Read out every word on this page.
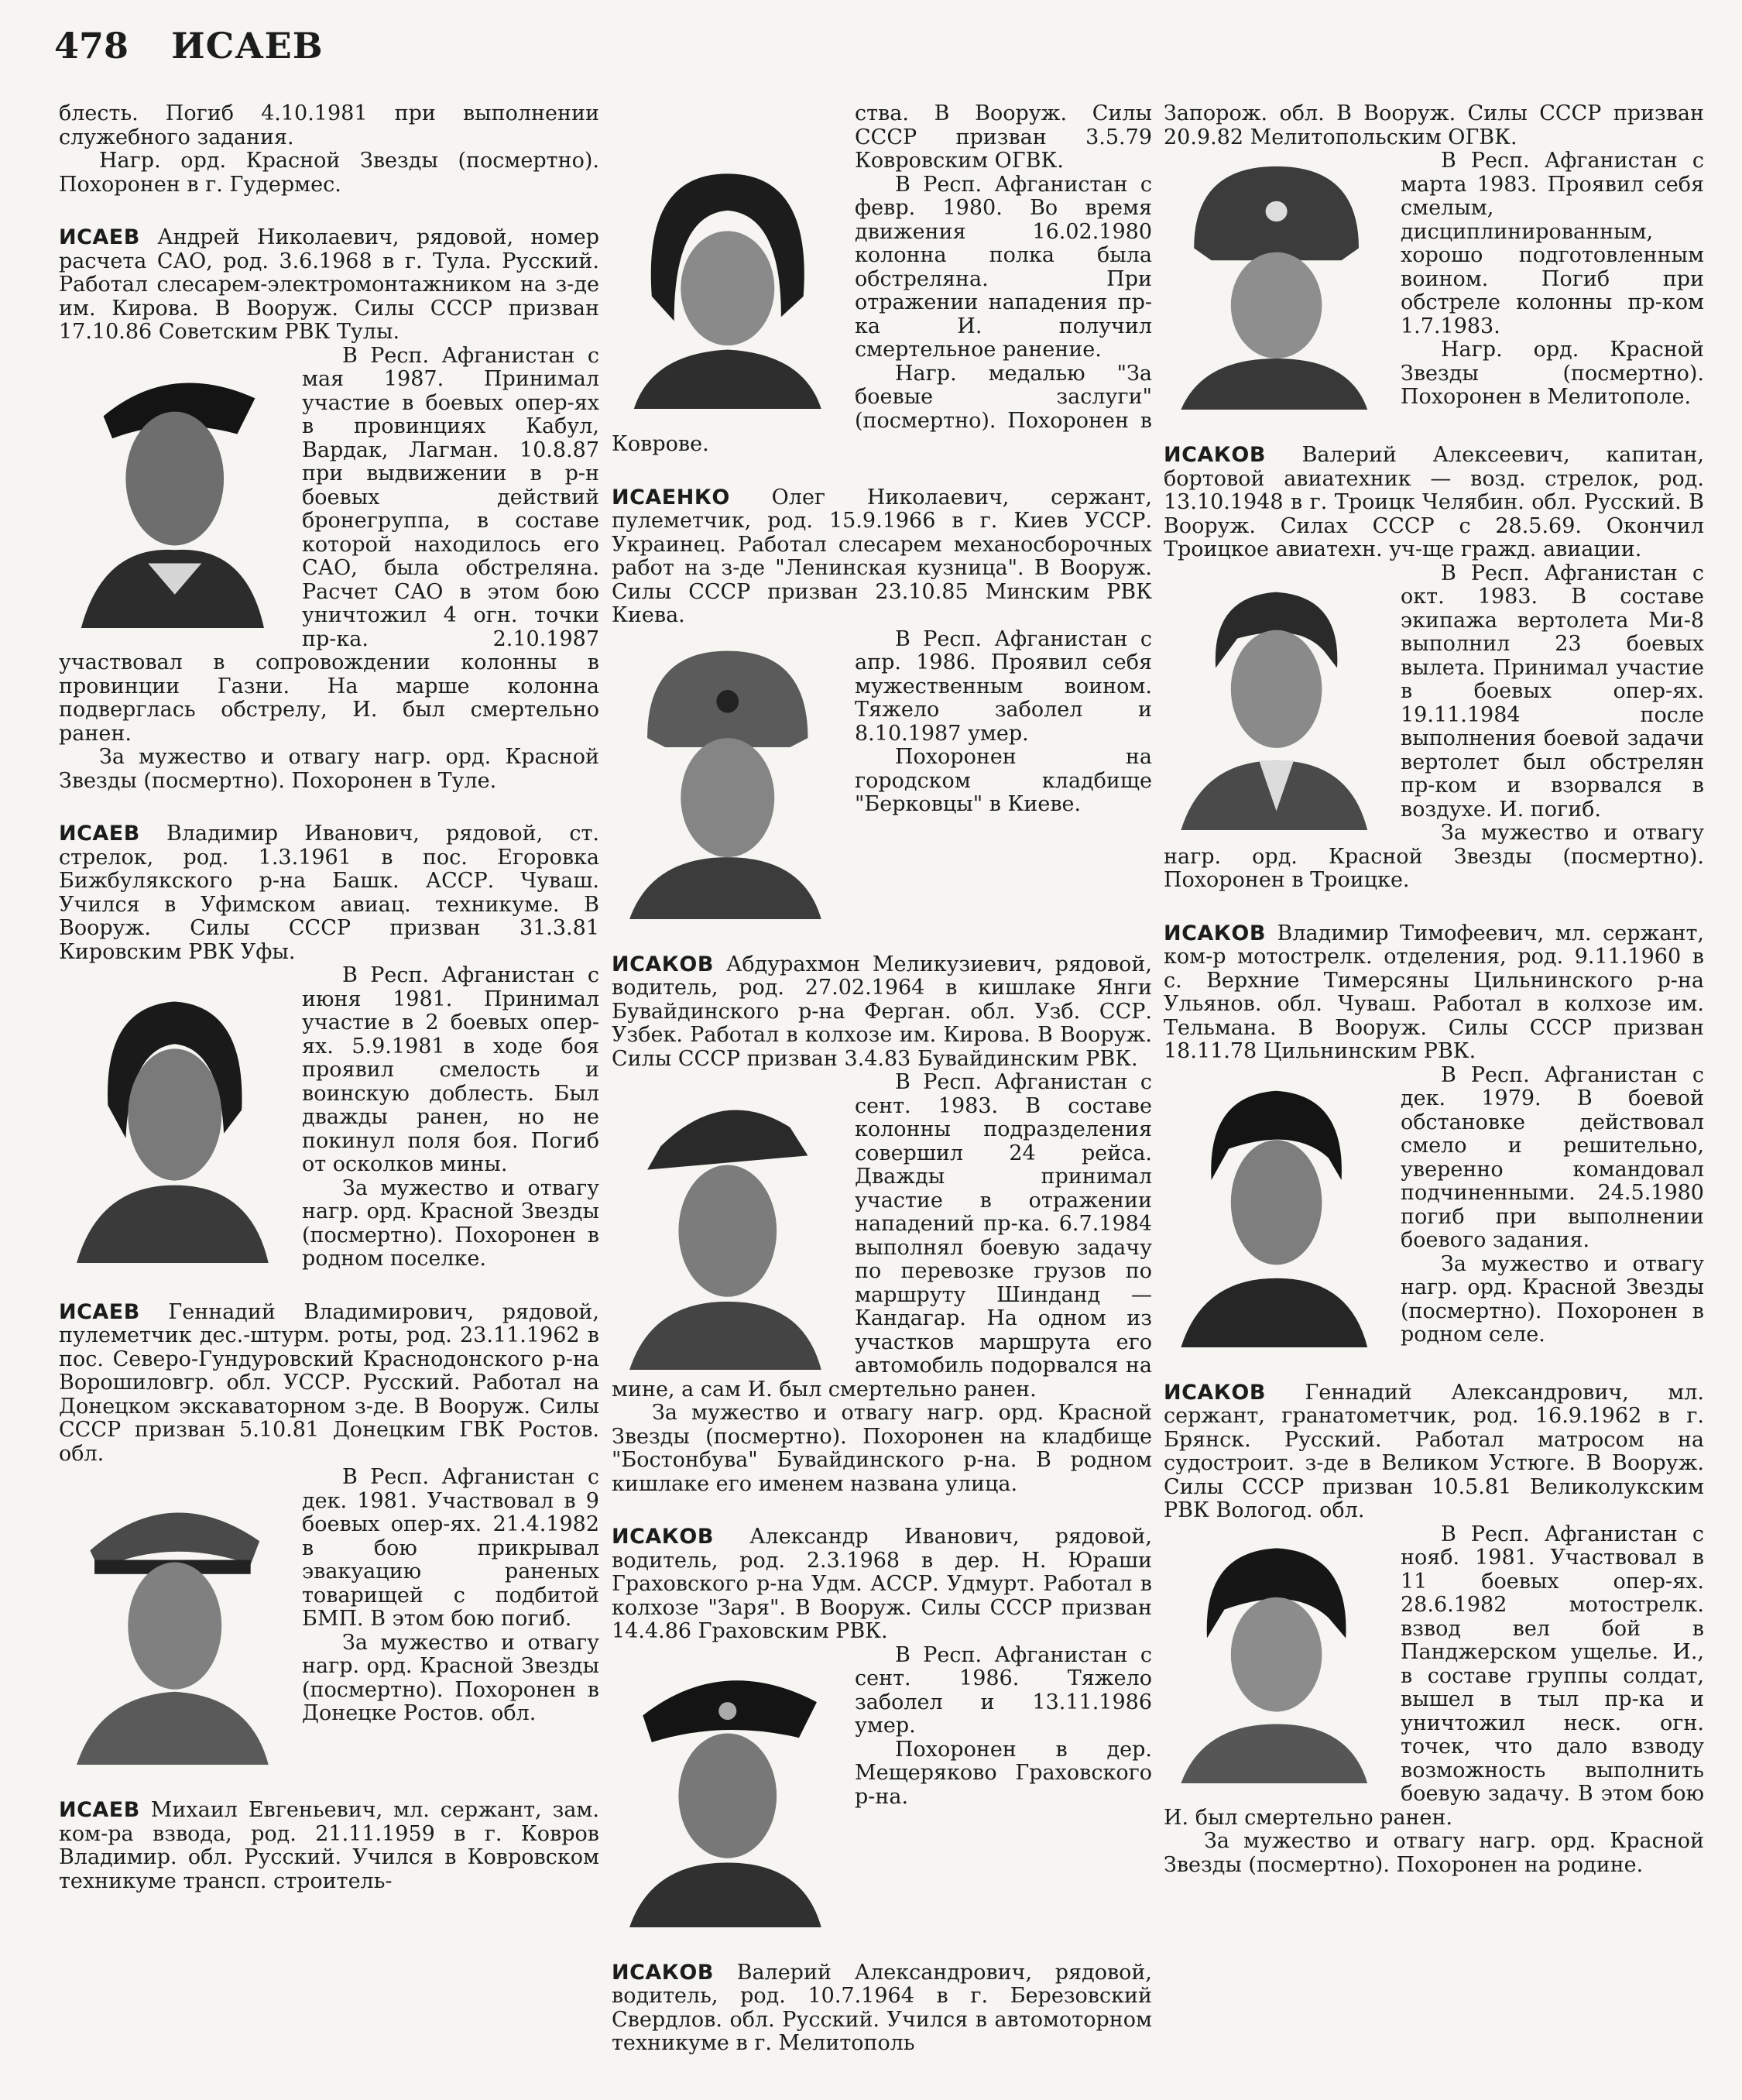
478 ИСАЕВ

блесть. Погиб 4.10.1981 при выполнении служебного задания.

Нагр. орд. Красной Звезды (посмертно). Похоронен в г. Гудермес.

ИСАЕВ Андрей Николаевич, рядовой, номер расчета САО, род. 3.6.1968 в г. Тула. Русский. Работал слесарем-электромонтажником на з-де им. Кирова. В Вооруж. Силы СССР призван 17.10.86 Советским РВК Тулы.

В Респ. Афганистан с мая 1987. Принимал участие в боевых опер-ях в провинциях Кабул, Вардак, Лагман. 10.8.87 при выдвижении в р-н боевых действий бронегруппа, в составе которой находилось его САО, была обстреляна. Расчет САО в этом бою уничтожил 4 огн. точки пр-ка. 2.10.1987 участвовал в сопровождении колонны в провинции Газни. На марше колонна подверглась обстрелу, И. был смертельно ранен.

За мужество и отвагу нагр. орд. Красной Звезды (посмертно). Похоронен в Туле.

ИСАЕВ Владимир Иванович, рядовой, ст. стрелок, род. 1.3.1961 в пос. Егоровка Бижбулякского р-на Башк. АССР. Чуваш. Учился в Уфимском авиац. техникуме. В Вооруж. Силы СССР призван 31.3.81 Кировским РВК Уфы.

В Респ. Афганистан с июня 1981. Принимал участие в 2 боевых опер-ях. 5.9.1981 в ходе боя проявил смелость и воинскую доблесть. Был дважды ранен, но не покинул поля боя. Погиб от осколков мины.

За мужество и отвагу нагр. орд. Красной Звезды (посмертно). Похоронен в родном поселке.

ИСАЕВ Геннадий Владимирович, рядовой, пулеметчик дес.-штурм. роты, род. 23.11.1962 в пос. Северо-Гундуровский Краснодонского р-на Ворошиловгр. обл. УССР. Русский. Работал на Донецком экскаваторном з-де. В Вооруж. Силы СССР призван 5.10.81 Донецким ГВК Ростов. обл.

В Респ. Афганистан с дек. 1981. Участвовал в 9 боевых опер-ях. 21.4.1982 в бою прикрывал эвакуацию раненых товарищей с подбитой БМП. В этом бою погиб.

За мужество и отвагу нагр. орд. Красной Звезды (посмертно). Похоронен в Донецке Ростов. обл.

ИСАЕВ Михаил Евгеньевич, мл. сержант, зам. ком-ра взвода, род. 21.11.1959 в г. Ковров Владимир. обл. Русский. Учился в Ковровском техникуме трансп. строитель-

ства. В Вооруж. Силы СССР призван 3.5.79 Ковровским ОГВК.

В Респ. Афганистан с февр. 1980. Во время движения 16.02.1980 колонна полка была обстреляна. При отражении нападения пр-ка И. получил смертельное ранение.

Нагр. медалью "За боевые заслуги" (посмертно). Похоронен в Коврове.

ИСАЕНКО Олег Николаевич, сержант, пулеметчик, род. 15.9.1966 в г. Киев УССР. Украинец. Работал слесарем механосборочных работ на з-де "Ленинская кузница". В Вооруж. Силы СССР призван 23.10.85 Минским РВК Киева.

В Респ. Афганистан с апр. 1986. Проявил себя мужественным воином. Тяжело заболел и 8.10.1987 умер.

Похоронен на городском кладбище "Берковцы" в Киеве.

ИСАКОВ Абдурахмон Меликузиевич, рядовой, водитель, род. 27.02.1964 в кишлаке Янги Бувайдинского р-на Ферган. обл. Узб. ССР. Узбек. Работал в колхозе им. Кирова. В Вооруж. Силы СССР призван 3.4.83 Бувайдинским РВК.

В Респ. Афганистан с сент. 1983. В составе колонны подразделения совершил 24 рейса. Дважды принимал участие в отражении нападений пр-ка. 6.7.1984 выполнял боевую задачу по перевозке грузов по маршруту Шинданд — Кандагар. На одном из участков маршрута его автомобиль подорвался на мине, а сам И. был смертельно ранен.

За мужество и отвагу нагр. орд. Красной Звезды (посмертно). Похоронен на кладбище "Бостонбува" Бувайдинского р-на. В родном кишлаке его именем названа улица.

ИСАКОВ Александр Иванович, рядовой, водитель, род. 2.3.1968 в дер. Н. Юраши Граховского р-на Удм. АССР. Удмурт. Работал в колхозе "Заря". В Вооруж. Силы СССР призван 14.4.86 Граховским РВК.

В Респ. Афганистан с сент. 1986. Тяжело заболел и 13.11.1986 умер.

Похоронен в дер. Мещеряково Граховского р-на.

ИСАКОВ Валерий Александрович, рядовой, водитель, род. 10.7.1964 в г. Березовский Свердлов. обл. Русский. Учился в автомоторном техникуме в г. Мелитополь

Запорож. обл. В Вооруж. Силы СССР призван 20.9.82 Мелитопольским ОГВК.

В Респ. Афганистан с марта 1983. Проявил себя смелым, дисциплинированным, хорошо подготовленным воином. Погиб при обстреле колонны пр-ком 1.7.1983.

Нагр. орд. Красной Звезды (посмертно). Похоронен в Мелитополе.

ИСАКОВ Валерий Алексеевич, капитан, бортовой авиатехник — возд. стрелок, род. 13.10.1948 в г. Троицк Челябин. обл. Русский. В Вооруж. Силах СССР с 28.5.69. Окончил Троицкое авиатехн. уч-ще гражд. авиации.

В Респ. Афганистан с окт. 1983. В составе экипажа вертолета Ми-8 выполнил 23 боевых вылета. Принимал участие в боевых опер-ях. 19.11.1984 после выполнения боевой задачи вертолет был обстрелян пр-ком и взорвался в воздухе. И. погиб.

За мужество и отвагу нагр. орд. Красной Звезды (посмертно). Похоронен в Троицке.

ИСАКОВ Владимир Тимофеевич, мл. сержант, ком-р мотострелк. отделения, род. 9.11.1960 в с. Верхние Тимерсяны Цильнинского р-на Ульянов. обл. Чуваш. Работал в колхозе им. Тельмана. В Вооруж. Силы СССР призван 18.11.78 Цильнинским РВК.

В Респ. Афганистан с дек. 1979. В боевой обстановке действовал смело и решительно, уверенно командовал подчиненными. 24.5.1980 погиб при выполнении боевого задания.

За мужество и отвагу нагр. орд. Красной Звезды (посмертно). Похоронен в родном селе.

ИСАКОВ Геннадий Александрович, мл. сержант, гранатометчик, род. 16.9.1962 в г. Брянск. Русский. Работал матросом на судостроит. з-де в Великом Устюге. В Вооруж. Силы СССР призван 10.5.81 Великолукским РВК Вологод. обл.

В Респ. Афганистан с нояб. 1981. Участвовал в 11 боевых опер-ях. 28.6.1982 мотострелк. взвод вел бой в Панджерском ущелье. И., в составе группы солдат, вышел в тыл пр-ка и уничтожил неск. огн. точек, что дало взводу возможность выполнить боевую задачу. В этом бою И. был смертельно ранен.

За мужество и отвагу нагр. орд. Красной Звезды (посмертно). Похоронен на родине.
